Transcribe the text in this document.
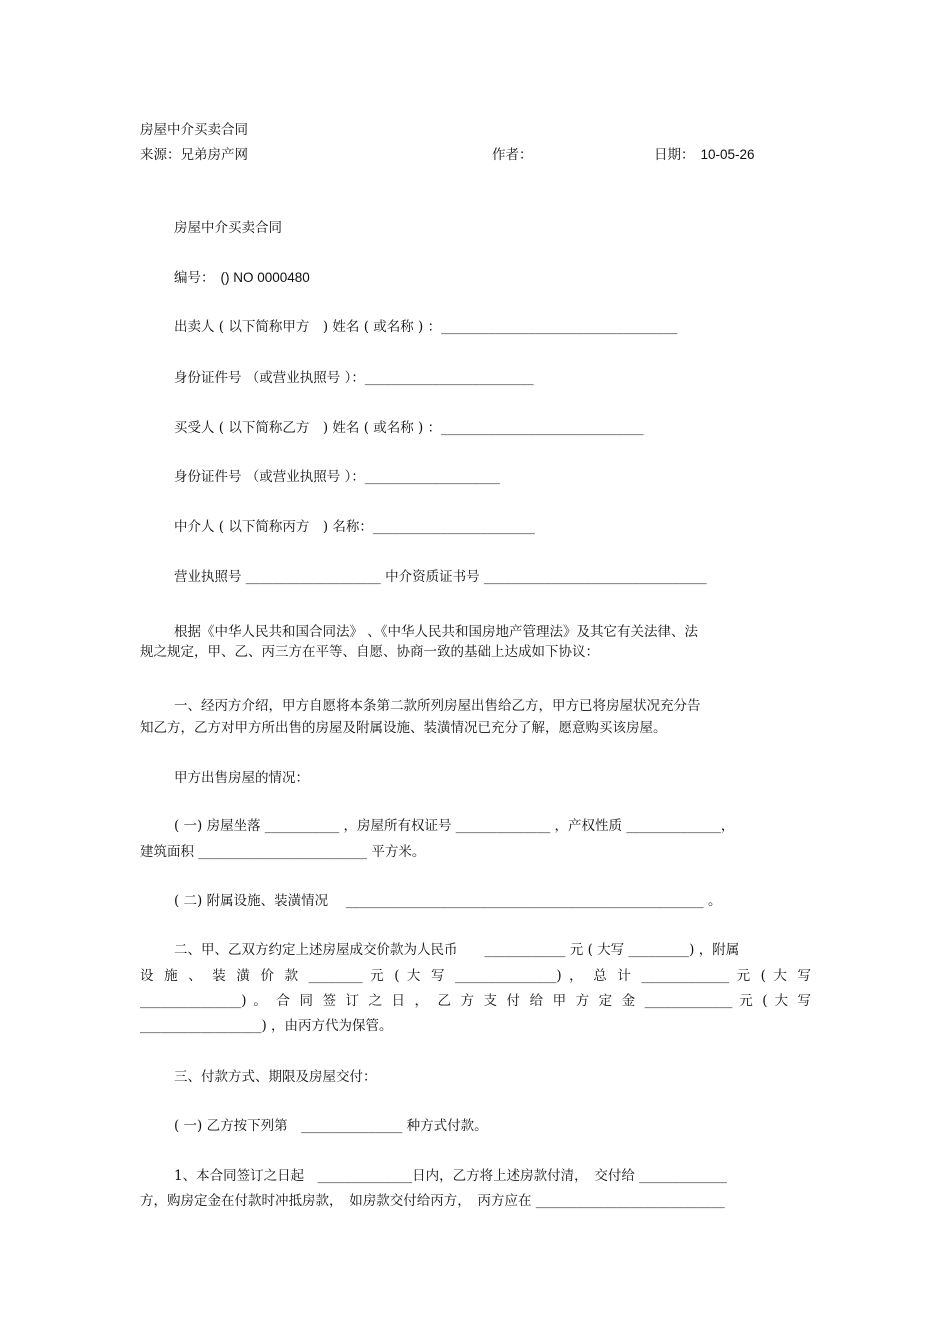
房屋中介买卖合同
来源：兄弟房产网	作者：	日期： 10-05-26
房屋中介买卖合同
编号： () NO 0000480
出卖人 ( 以下简称甲方　) 姓名 ( 或名称 ) ：___________________________________
身份证件号 （或营业执照号 ）：_________________________
买受人 ( 以下简称乙方　) 姓名 ( 或名称 ) ：______________________________
身份证件号 （或营业执照号 ）：____________________
中介人 ( 以下简称丙方　) 名称：________________________
营业执照号 ____________________ 中介资质证书号 _________________________________
根据《中华人民共和国合同法》 、《中华人民共和国房地产管理法》及其它有关法律、法
规之规定，甲、乙、丙三方在平等、自愿、协商一致的基础上达成如下协议：
一、经丙方介绍，甲方自愿将本条第二款所列房屋出售给乙方，甲方已将房屋状况充分告
知乙方，乙方对甲方所出售的房屋及附属设施、装潢情况已充分了解，愿意购买该房屋。
甲方出售房屋的情况：
( 一) 房屋坐落 ___________ ，房屋所有权证号 ______________ ，产权性质 ______________，
建筑面积 _________________________ 平方米。
( 二) 附属设施、装潢情况　 _____________________________________________________ 。
二、甲、乙双方约定上述房屋成交价款为人民币　　____________ 元 ( 大写 _________) ，附属
设 施 、 装 潢 价 款 ________ 元 ( 大 写 _______________) ， 总 计 _____________ 元 ( 大 写
_______________) 。 合 同 签 订 之 日 ， 乙 方 支 付 给 甲 方 定 金 _____________ 元 ( 大 写
__________________) ，由丙方代为保管。
三、付款方式、期限及房屋交付：
( 一) 乙方按下列第　_______________ 种方式付款。
1、本合同签订之日起　______________日内，乙方将上述房款付清，　交付给 _____________
方，购房定金在付款时冲抵房款，　如房款交付给丙方，　丙方应在 ____________________________
